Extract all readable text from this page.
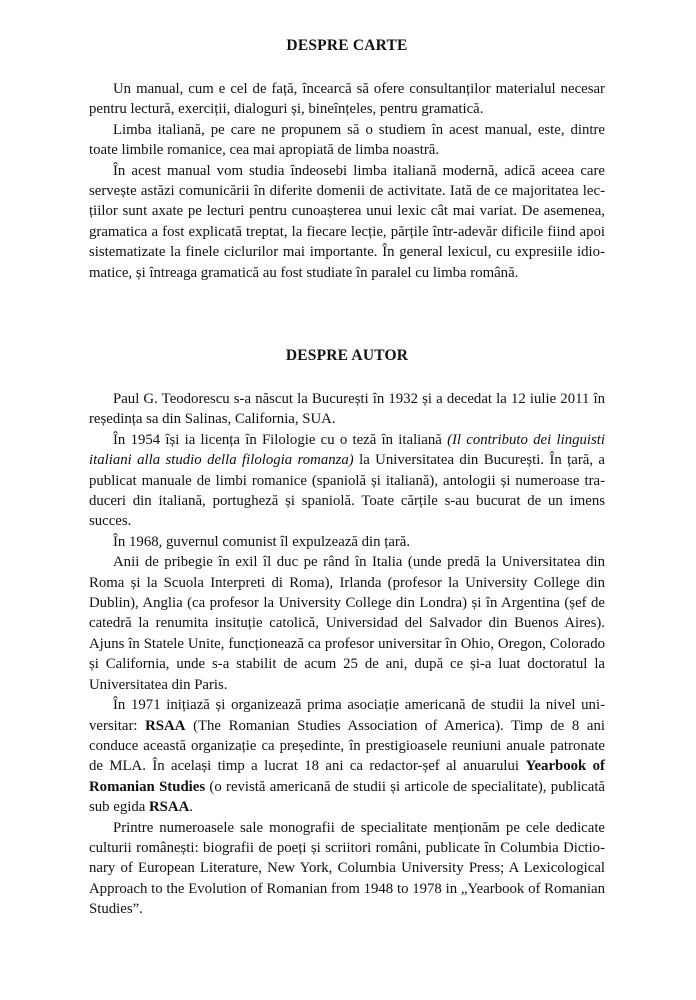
DESPRE CARTE

Un manual, cum e cel de față, încearcă să ofere consultanților materialul necesar pentru lectură, exerciții, dialoguri și, bineînțeles, pentru gramatică.

Limba italiană, pe care ne propunem să o studiem în acest manual, este, dintre toate limbile romanice, cea mai apropiată de limba noastră.

În acest manual vom studia îndeosebi limba italiană modernă, adică aceea care servește astăzi comunicării în diferite domenii de activitate. Iată de ce majoritatea lecțiilor sunt axate pe lecturi pentru cunoașterea unui lexic cât mai variat. De asemenea, gramatica a fost explicată treptat, la fiecare lecție, părțile într-adevăr dificile fiind apoi sistematizate la finele ciclurilor mai importante. În general lexicul, cu expresiile idiomatice, și întreaga gramatică au fost studiate în paralel cu limba română.

DESPRE AUTOR

Paul G. Teodorescu s-a născut la București în 1932 și a decedat la 12 iulie 2011 în reședința sa din Salinas, California, SUA.

În 1954 își ia licența în Filologie cu o teză în italiană (Il contributo dei linguisti italiani alla studio della filologia romanza) la Universitatea din București. În țară, a publicat manuale de limbi romanice (spaniolă și italiană), antologii și numeroase traduceri din italiană, portugheză și spaniolă. Toate cărțile s-au bucurat de un imens succes.

În 1968, guvernul comunist îl expulzează din țară.

Anii de pribegie în exil îl duc pe rând în Italia (unde predă la Universitatea din Roma și la Scuola Interpreti di Roma), Irlanda (profesor la University College din Dublin), Anglia (ca profesor la University College din Londra) și în Argentina (șef de catedră la renumita insituție catolică, Universidad del Salvador din Buenos Aires). Ajuns în Statele Unite, funcționează ca profesor universitar în Ohio, Oregon, Colorado și California, unde s-a stabilit de acum 25 de ani, după ce și-a luat doctoratul la Universitatea din Paris.

În 1971 inițiază și organizează prima asociație americană de studii la nivel universitar: RSAA (The Romanian Studies Association of America). Timp de 8 ani conduce această organizație ca președinte, în prestigioasele reuniuni anuale patronate de MLA. În același timp a lucrat 18 ani ca redactor-șef al anuarului Yearbook of Romanian Studies (o revistă americană de studii și articole de specialitate), publicată sub egida RSAA.

Printre numeroasele sale monografii de specialitate menționăm pe cele dedicate culturii românești: biografii de poeți și scriitori români, publicate în Columbia Dictionary of European Literature, New York, Columbia University Press; A Lexicological Approach to the Evolution of Romanian from 1948 to 1978 in „Yearbook of Romanian Studies”.
